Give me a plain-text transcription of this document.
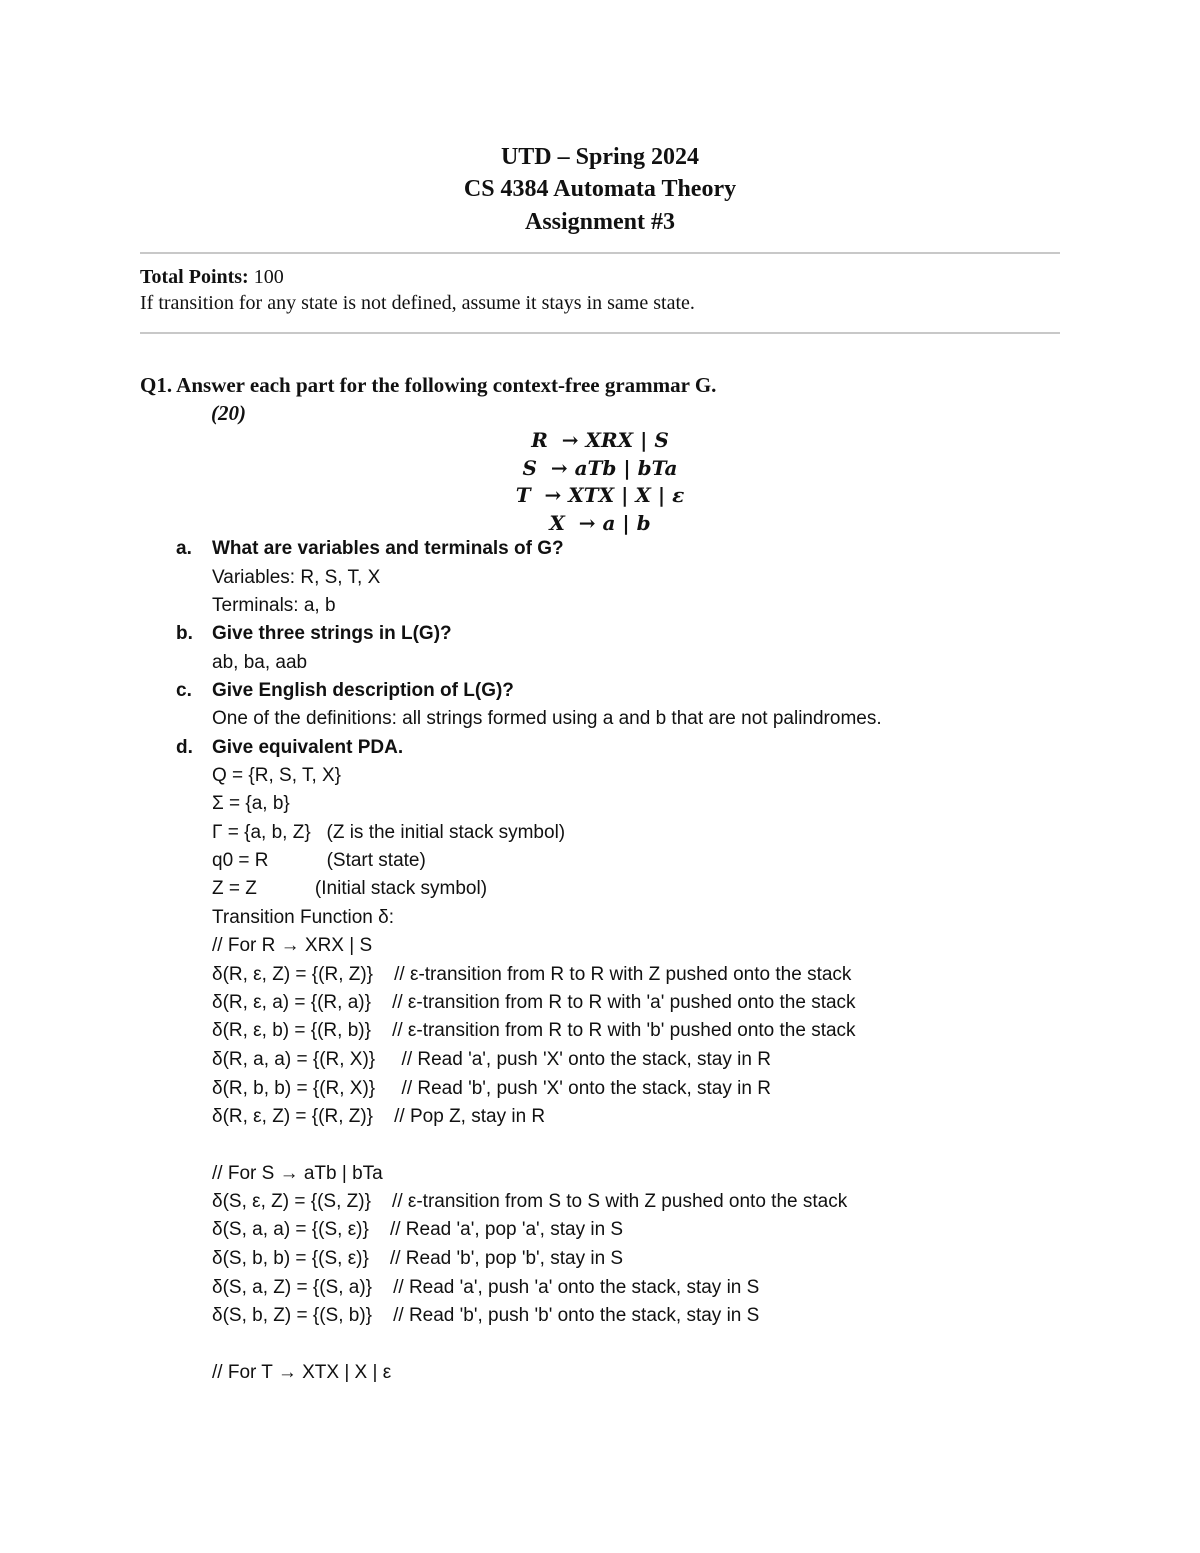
UTD – Spring 2024
CS 4384 Automata Theory
Assignment #3
Total Points: 100
If transition for any state is not defined, assume it stays in same state.
Q1. Answer each part for the following context-free grammar G.
(20)
R  → XRX | S
S  → aTb | bTa
T  → XTX | X | ε
X  → a | b
a. What are variables and terminals of G?
Variables: R, S, T, X
Terminals: a, b
b. Give three strings in L(G)?
ab, ba, aab
c. Give English description of L(G)?
One of the definitions: all strings formed using a and b that are not palindromes.
d. Give equivalent PDA.
Q = {R, S, T, X}
Σ = {a, b}
Γ = {a, b, Z}   (Z is the initial stack symbol)
q0 = R           (Start state)
Z = Z           (Initial stack symbol)
Transition Function δ:
// For R → XRX | S
δ(R, ε, Z) = {(R, Z)}    // ε-transition from R to R with Z pushed onto the stack
δ(R, ε, a) = {(R, a)}    // ε-transition from R to R with 'a' pushed onto the stack
δ(R, ε, b) = {(R, b)}    // ε-transition from R to R with 'b' pushed onto the stack
δ(R, a, a) = {(R, X)}     // Read 'a', push 'X' onto the stack, stay in R
δ(R, b, b) = {(R, X)}     // Read 'b', push 'X' onto the stack, stay in R
δ(R, ε, Z) = {(R, Z)}    // Pop Z, stay in R
// For S → aTb | bTa
δ(S, ε, Z) = {(S, Z)}    // ε-transition from S to S with Z pushed onto the stack
δ(S, a, a) = {(S, ε)}    // Read 'a', pop 'a', stay in S
δ(S, b, b) = {(S, ε)}    // Read 'b', pop 'b', stay in S
δ(S, a, Z) = {(S, a)}    // Read 'a', push 'a' onto the stack, stay in S
δ(S, b, Z) = {(S, b)}    // Read 'b', push 'b' onto the stack, stay in S
// For T → XTX | X | ε
